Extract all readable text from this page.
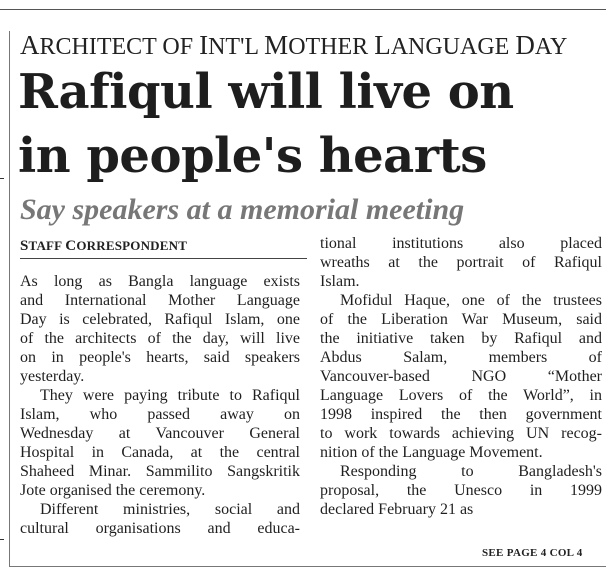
ARCHITECT OF INT'L MOTHER LANGUAGE DAY
Rafiqul will live on
in people's hearts
Say speakers at a memorial meeting
STAFF CORRESPONDENT
As long as Bangla language exists
and International Mother Language
Day is celebrated, Rafiqul Islam, one
of the architects of the day, will live
on in people's hearts, said speakers
yesterday.
They were paying tribute to Rafiqul
Islam, who passed away on
Wednesday at Vancouver General
Hospital in Canada, at the central
Shaheed Minar. Sammilito Sangskritik
Jote organised the ceremony.
Different ministries, social and
cultural organisations and educa-
tional institutions also placed
wreaths at the portrait of Rafiqul
Islam.
Mofidul Haque, one of the trustees
of the Liberation War Museum, said
the initiative taken by Rafiqul and
Abdus Salam, members of
Vancouver-based NGO “Mother
Language Lovers of the World”, in
1998 inspired the then government
to work towards achieving UN recog-
nition of the Language Movement.
Responding to Bangladesh's
proposal, the Unesco in 1999
declared February 21 as
SEE PAGE 4 COL 4
